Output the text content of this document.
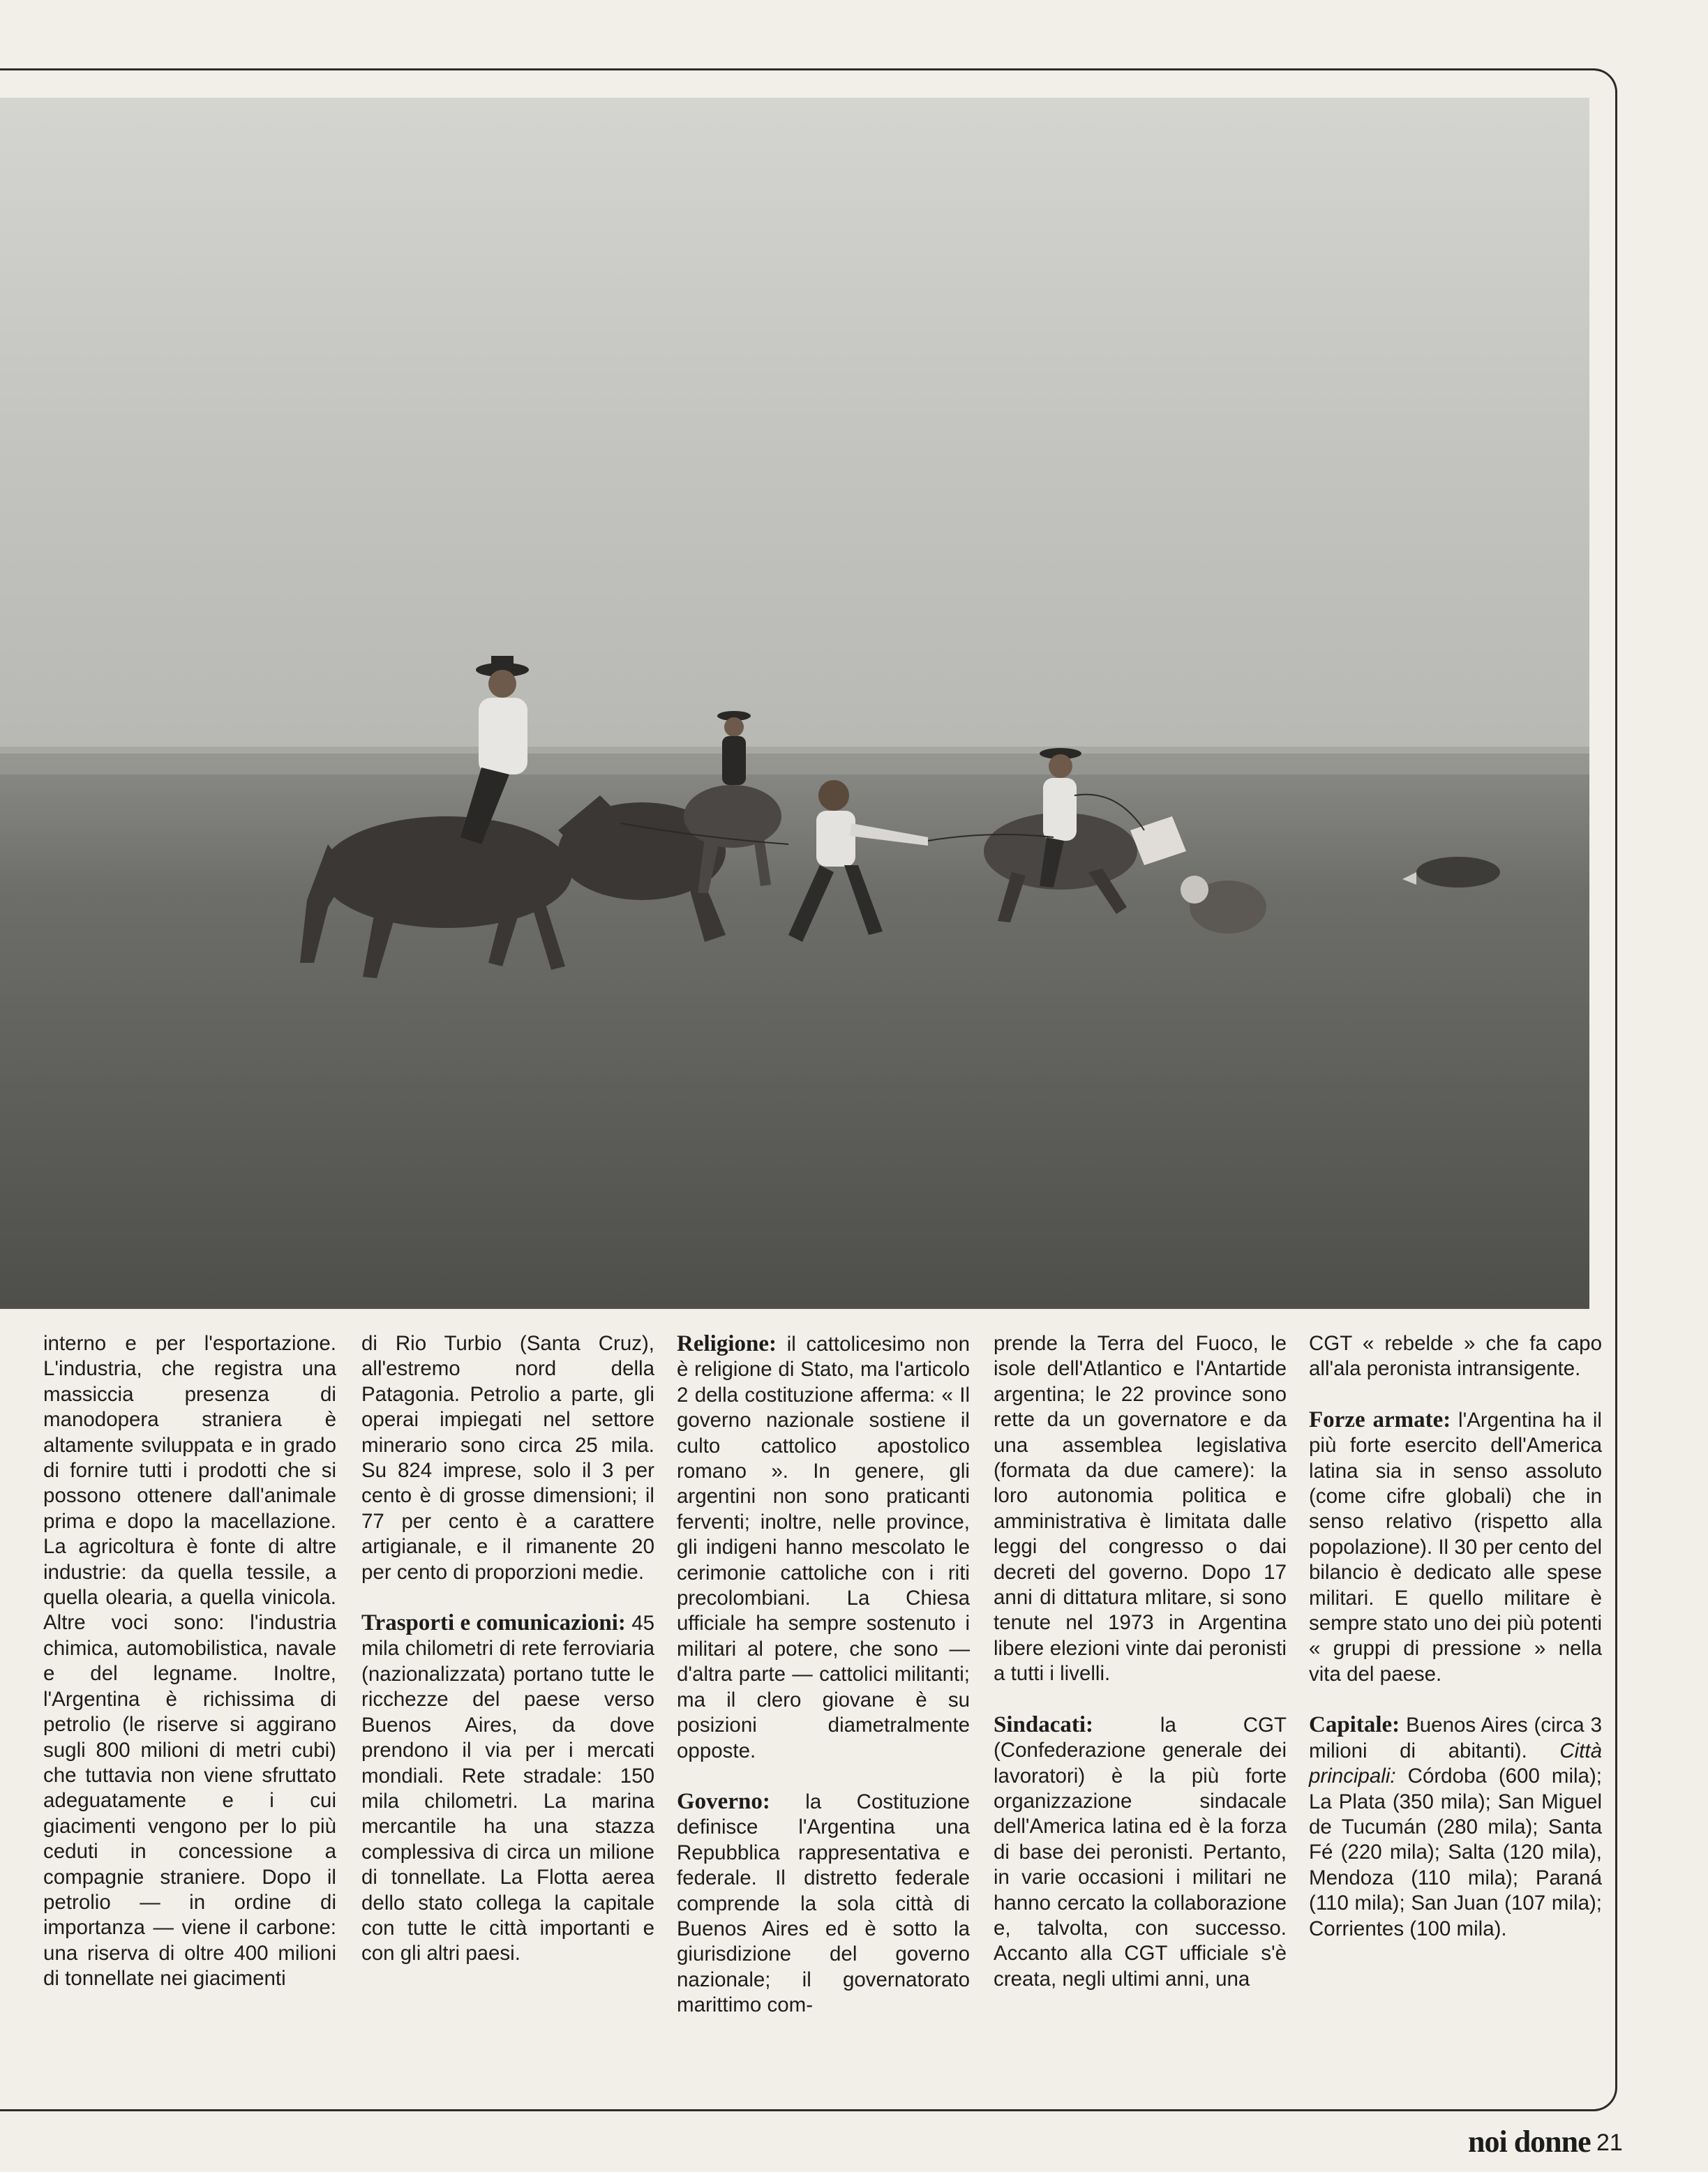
interno e per l'esportazione. L'industria, che registra una massiccia presenza di manodopera straniera è altamente sviluppata e in grado di fornire tutti i prodotti che si possono ottenere dall'animale prima e dopo la macellazione. La agricoltura è fonte di altre industrie: da quella tessile, a quella olearia, a quella vinicola. Altre voci sono: l'industria chimica, automobilistica, navale e del legname. Inoltre, l'Argentina è richissima di petrolio (le riserve si aggirano sugli 800 milioni di metri cubi) che tuttavia non viene sfruttato adeguatamente e i cui giacimenti vengono per lo più ceduti in concessione a compagnie straniere. Dopo il petrolio — in ordine di importanza — viene il carbone: una riserva di oltre 400 milioni di tonnellate nei giacimenti

di Rio Turbio (Santa Cruz), all'estremo nord della Patagonia. Petrolio a parte, gli operai impiegati nel settore minerario sono circa 25 mila. Su 824 imprese, solo il 3 per cento è di grosse dimensioni; il 77 per cento è a carattere artigianale, e il rimanente 20 per cento di proporzioni medie.

Trasporti e comunicazioni: 45 mila chilometri di rete ferroviaria (nazionalizzata) portano tutte le ricchezze del paese verso Buenos Aires, da dove prendono il via per i mercati mondiali. Rete stradale: 150 mila chilometri. La marina mercantile ha una stazza complessiva di circa un milione di tonnellate. La Flotta aerea dello stato collega la capitale con tutte le città importanti e con gli altri paesi.

Religione: il cattolicesimo non è religione di Stato, ma l'articolo 2 della costituzione afferma: « Il governo nazionale sostiene il culto cattolico apostolico romano ». In genere, gli argentini non sono praticanti ferventi; inoltre, nelle province, gli indigeni hanno mescolato le cerimonie cattoliche con i riti precolombiani. La Chiesa ufficiale ha sempre sostenuto i militari al potere, che sono — d'altra parte — cattolici militanti; ma il clero giovane è su posizioni diametralmente opposte.

Governo: la Costituzione definisce l'Argentina una Repubblica rappresentativa e federale. Il distretto federale comprende la sola città di Buenos Aires ed è sotto la giurisdizione del governo nazionale; il governatorato marittimo com-

prende la Terra del Fuoco, le isole dell'Atlantico e l'Antartide argentina; le 22 province sono rette da un governatore e da una assemblea legislativa (formata da due camere): la loro autonomia politica e amministrativa è limitata dalle leggi del congresso o dai decreti del governo. Dopo 17 anni di dittatura mlitare, si sono tenute nel 1973 in Argentina libere elezioni vinte dai peronisti a tutti i livelli.

Sindacati:	la CGT (Confederazione generale dei lavoratori) è la più forte organizzazione sindacale dell'America latina ed è la forza di base dei peronisti. Pertanto, in varie occasioni i militari ne hanno cercato la collaborazione e, talvolta, con successo. Accanto alla CGT ufficiale s'è creata, negli ultimi anni, una

CGT « rebelde » che fa capo all'ala peronista intransigente.

Forze armate: l'Argentina ha il più forte esercito dell'America latina sia in senso assoluto (come cifre globali) che in senso relativo (rispetto alla popolazione). Il 30 per cento del bilancio è dedicato alle spese militari. E quello militare è sempre stato uno dei più potenti « gruppi di pressione » nella vita del paese.

Capitale: Buenos Aires (circa 3 milioni di abitanti). Città principali: Córdoba (600 mila); La Plata (350 mila); San Miguel de Tucumán (280 mila); Santa Fé (220 mila); Salta (120 mila), Mendoza (110 mila); Paraná (110 mila); San Juan (107 mila); Corrientes (100 mila).

noi donne 21
